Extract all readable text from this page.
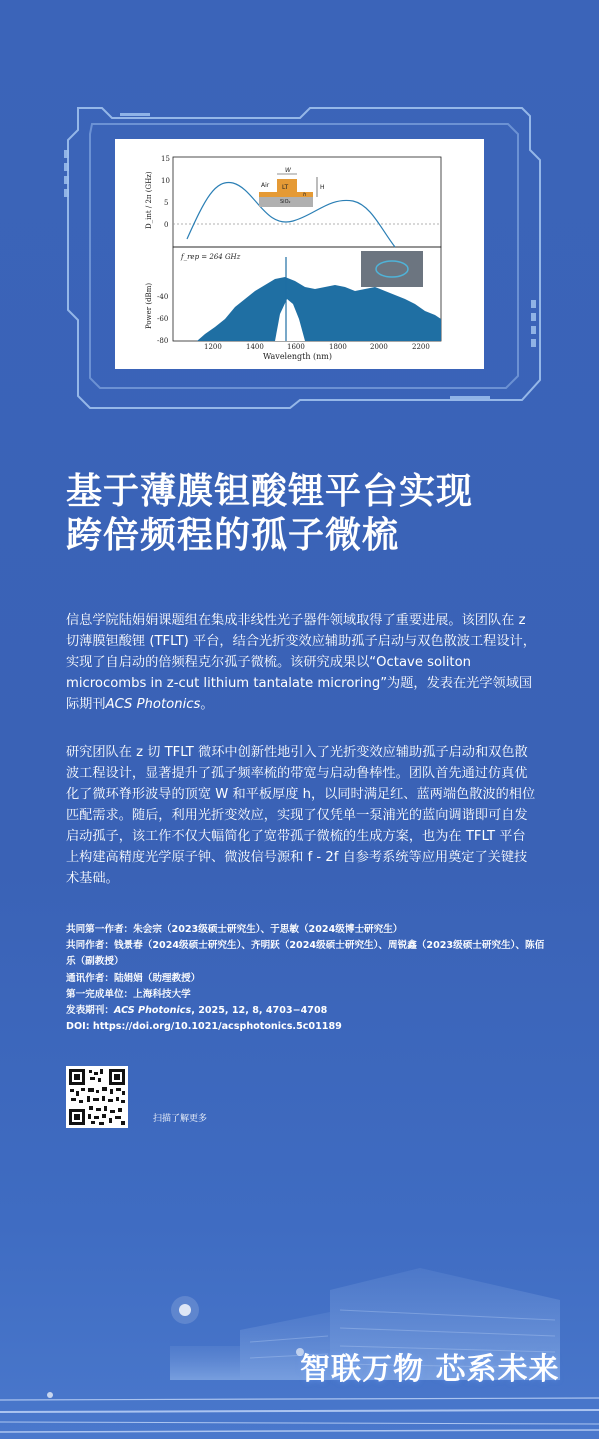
W
Air LT
h
H
SiO₂
15
10
5
0
-40
-60
-80
1200	1400	1600	1800	2000	2200
Wavelength (nm)
f_rep = 264 GHz
D_int / 2π (GHz)
Power (dBm)
基于薄膜钽酸锂平台实现
跨倍频程的孤子微梳
信息学院陆娟娟课题组在集成非线性光子器件领域取得了重要进展。该团队在 z 切薄膜钽酸锂 (TFLT) 平台，结合光折变效应辅助孤子启动与双色散波工程设计，实现了自启动的倍频程克尔孤子微梳。该研究成果以“Octave soliton microcombs in z-cut lithium tantalate microring”为题，发表在光学领域国际期刊ACS Photonics。
研究团队在 z 切 TFLT 微环中创新性地引入了光折变效应辅助孤子启动和双色散波工程设计，显著提升了孤子频率梳的带宽与启动鲁棒性。团队首先通过仿真优化了微环脊形波导的顶宽 W 和平板厚度 h，以同时满足红、蓝两端色散波的相位匹配需求。随后，利用光折变效应，实现了仅凭单一泵浦光的蓝向调谐即可自发启动孤子，该工作不仅大幅简化了宽带孤子微梳的生成方案，也为在 TFLT 平台上构建高精度光学原子钟、微波信号源和 f - 2f 自参考系统等应用奠定了关键技术基础。
共同第一作者：朱会宗（2023级硕士研究生）、于思敏（2024级博士研究生）
共同作者：钱景春（2024级硕士研究生）、齐明跃（2024级硕士研究生）、周锐鑫（2023级硕士研究生）、陈佰乐（副教授）
通讯作者：陆娟娟（助理教授）
第一完成单位：上海科技大学
发表期刊：ACS Photonics, 2025, 12, 8, 4703−4708
DOI: https://doi.org/10.1021/acsphotonics.5c01189
扫描了解更多
智联万物 芯系未来
